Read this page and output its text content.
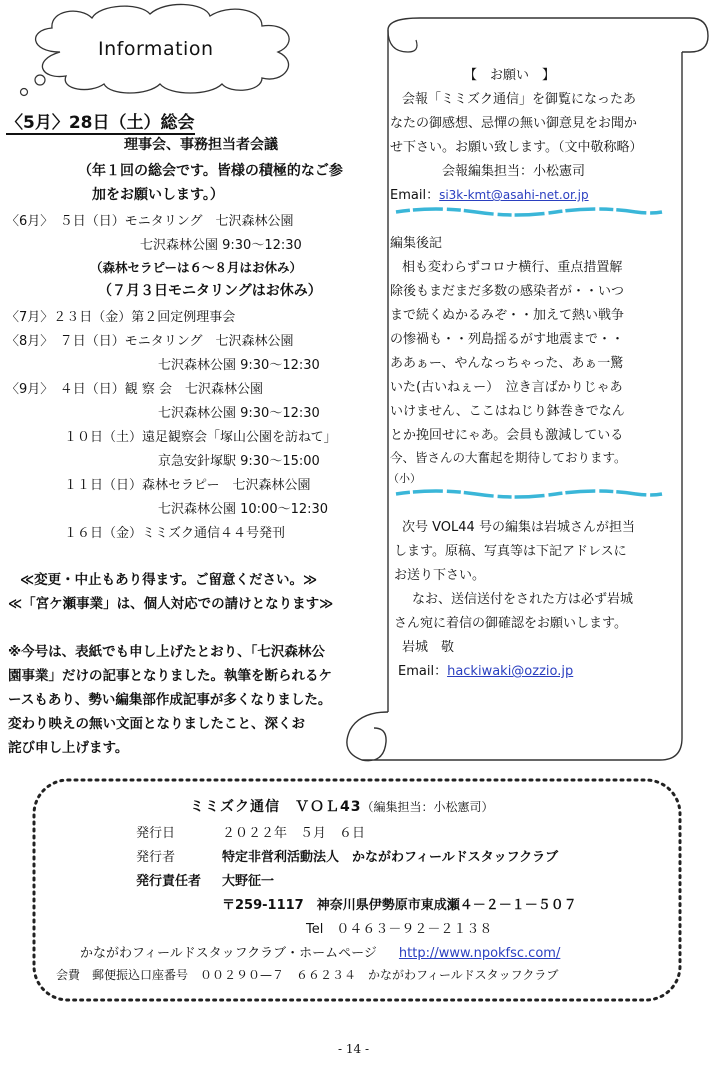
Information
〈5月〉28日（土）総会
理事会、事務担当者会議
（年１回の総会です。皆様の積極的なご参
加をお願いします。）
〈6月〉　５日（日）モニタリング　七沢森林公園
七沢森林公園 9:30～12:30
（森林セラピーは６～８月はお休み）
（７月３日モニタリングはお休み）
〈7月〉２３日（金）第２回定例理事会
〈8月〉　７日（日）モニタリング　七沢森林公園
七沢森林公園 9:30～12:30
〈9月〉　４日（日）観 察 会　七沢森林公園
七沢森林公園 9:30～12:30
１０日（土）遠足観察会「塚山公園を訪ねて」
京急安針塚駅 9:30～15:00
１１日（日）森林セラピー　七沢森林公園
七沢森林公園 10:00～12:30
１６日（金）ミミズク通信４４号発刊
≪変更・中止もあり得ます。ご留意ください。≫
≪「宮ケ瀬事業」は、個人対応での請けとなります≫
※今号は、表紙でも申し上げたとおり、「七沢森林公
園事業」だけの記事となりました。執筆を断られるケ
ースもあり、勢い編集部作成記事が多くなりました。
変わり映えの無い文面となりましたこと、深くお
詫び申し上げます。
【　お願い　】
会報「ミミズク通信」を御覧になったあ
なたの御感想、忌憚の無い御意見をお聞か
せ下さい。お願い致します。（文中敬称略）
会報編集担当：小松憲司
Email：si3k-kmt@asahi-net.or.jp
編集後記
相も変わらずコロナ横行、重点措置解
除後もまだまだ多数の感染者が・・いつ
まで続くぬかるみぞ・・加えて熱い戦争
の惨禍も・・列島揺るがす地震まで・・
ああぁー、やんなっちゃった、あぁ一驚
いた(古いねぇー）　泣き言ばかりじゃあ
いけません、ここはねじり鉢巻きでなん
とか挽回せにゃあ。会員も激減している
今、皆さんの大奮起を期待しております。
（小）
次号 VOL44 号の編集は岩城さんが担当
します。原稿、写真等は下記アドレスに
お送り下さい。
なお、送信送付をされた方は必ず岩城
さん宛に着信の御確認をお願いします。
岩城　敬
Email：hackiwaki@ozzio.jp
ミミズク通信　ＶＯＬ43（編集担当：小松憲司）
発行日	２０２２年　５月　６日
発行者	特定非営利活動法人　かながわフィールドスタッフクラブ
発行責任者 大野征一
〒259-1117　神奈川県伊勢原市東成瀬４－２－１－５０７
Tel　０４６３－９２－２１３８
かながわフィールドスタッフクラブ・ホームページ http://www.npokfsc.com/
会費　郵便振込口座番号　００２９０—７　６６２３４　かながわフィールドスタッフクラブ
- 14 -
